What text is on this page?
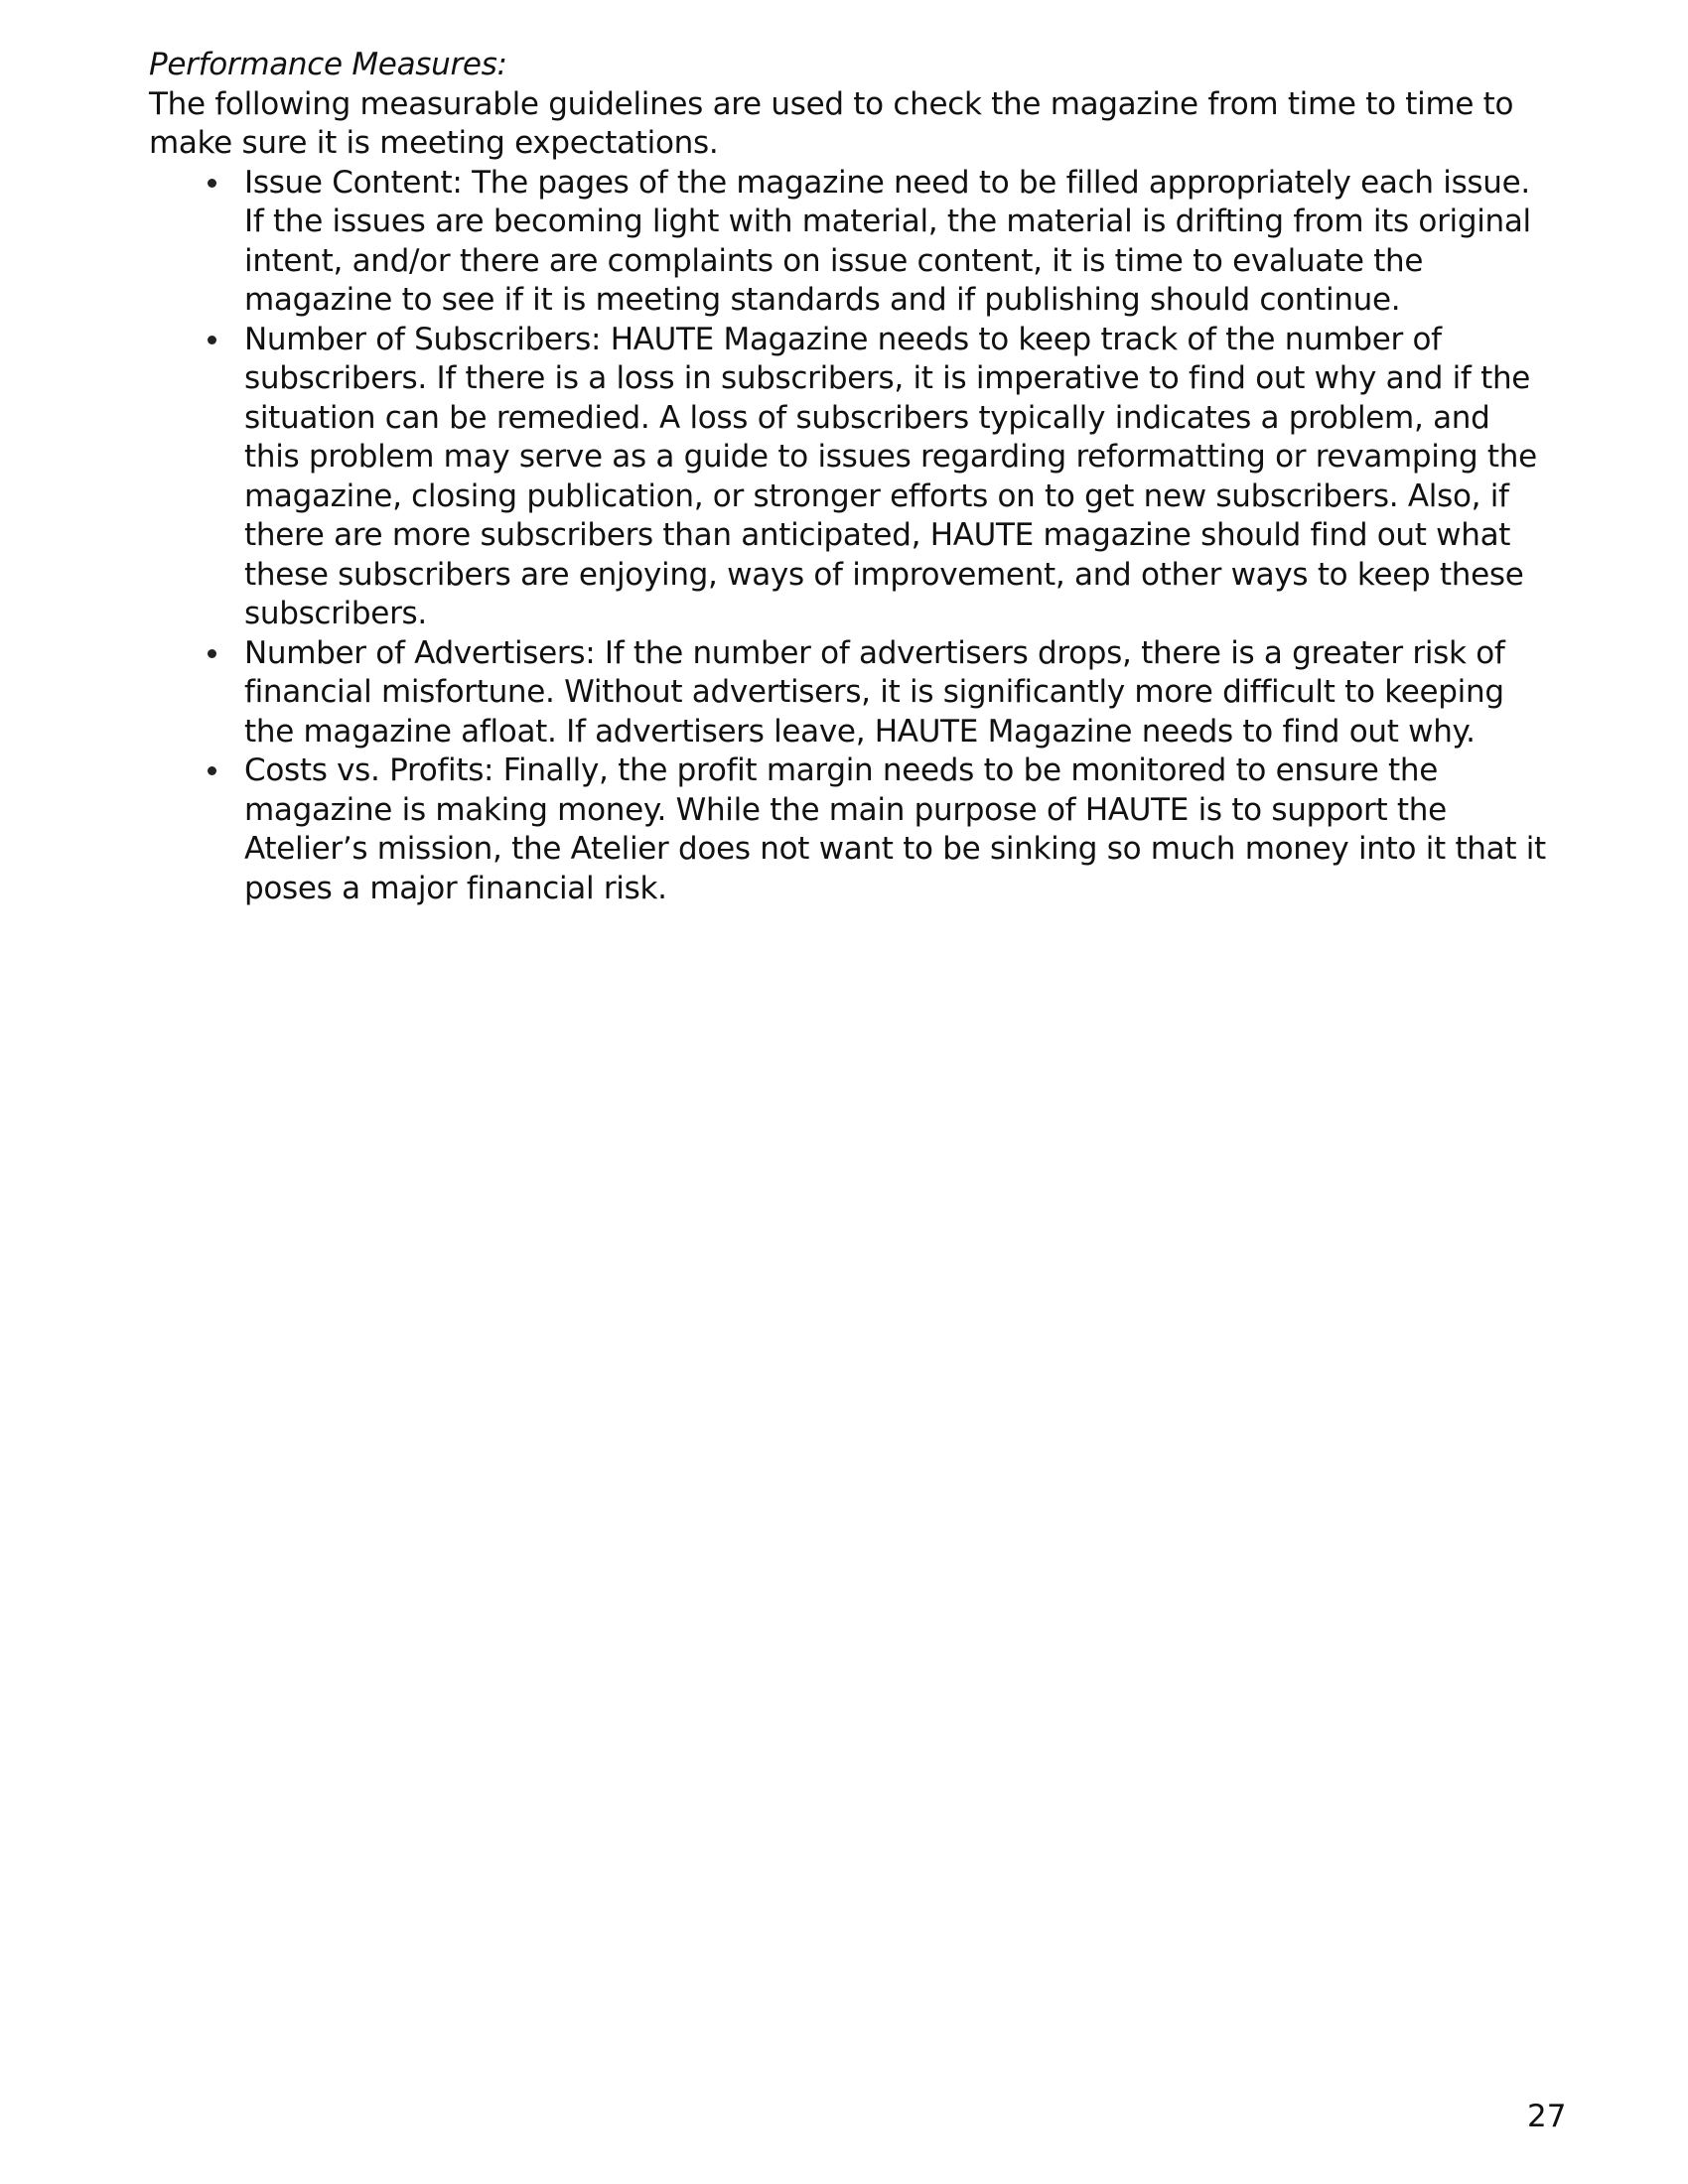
Performance Measures:

The following measurable guidelines are used to check the magazine from time to time to make sure it is meeting expectations.

Issue Content: The pages of the magazine need to be filled appropriately each issue. If the issues are becoming light with material, the material is drifting from its original intent, and/or there are complaints on issue content, it is time to evaluate the magazine to see if it is meeting standards and if publishing should continue.
Number of Subscribers: HAUTE Magazine needs to keep track of the number of subscribers. If there is a loss in subscribers, it is imperative to find out why and if the situation can be remedied. A loss of subscribers typically indicates a problem, and this problem may serve as a guide to issues regarding reformatting or revamping the magazine, closing publication, or stronger efforts on to get new subscribers. Also, if there are more subscribers than anticipated, HAUTE magazine should find out what these subscribers are enjoying, ways of improvement, and other ways to keep these subscribers.
Number of Advertisers: If the number of advertisers drops, there is a greater risk of financial misfortune. Without advertisers, it is significantly more difficult to keeping the magazine afloat. If advertisers leave, HAUTE Magazine needs to find out why.
Costs vs. Profits: Finally, the profit margin needs to be monitored to ensure the magazine is making money. While the main purpose of HAUTE is to support the Atelier’s mission, the Atelier does not want to be sinking so much money into it that it poses a major financial risk.
27
